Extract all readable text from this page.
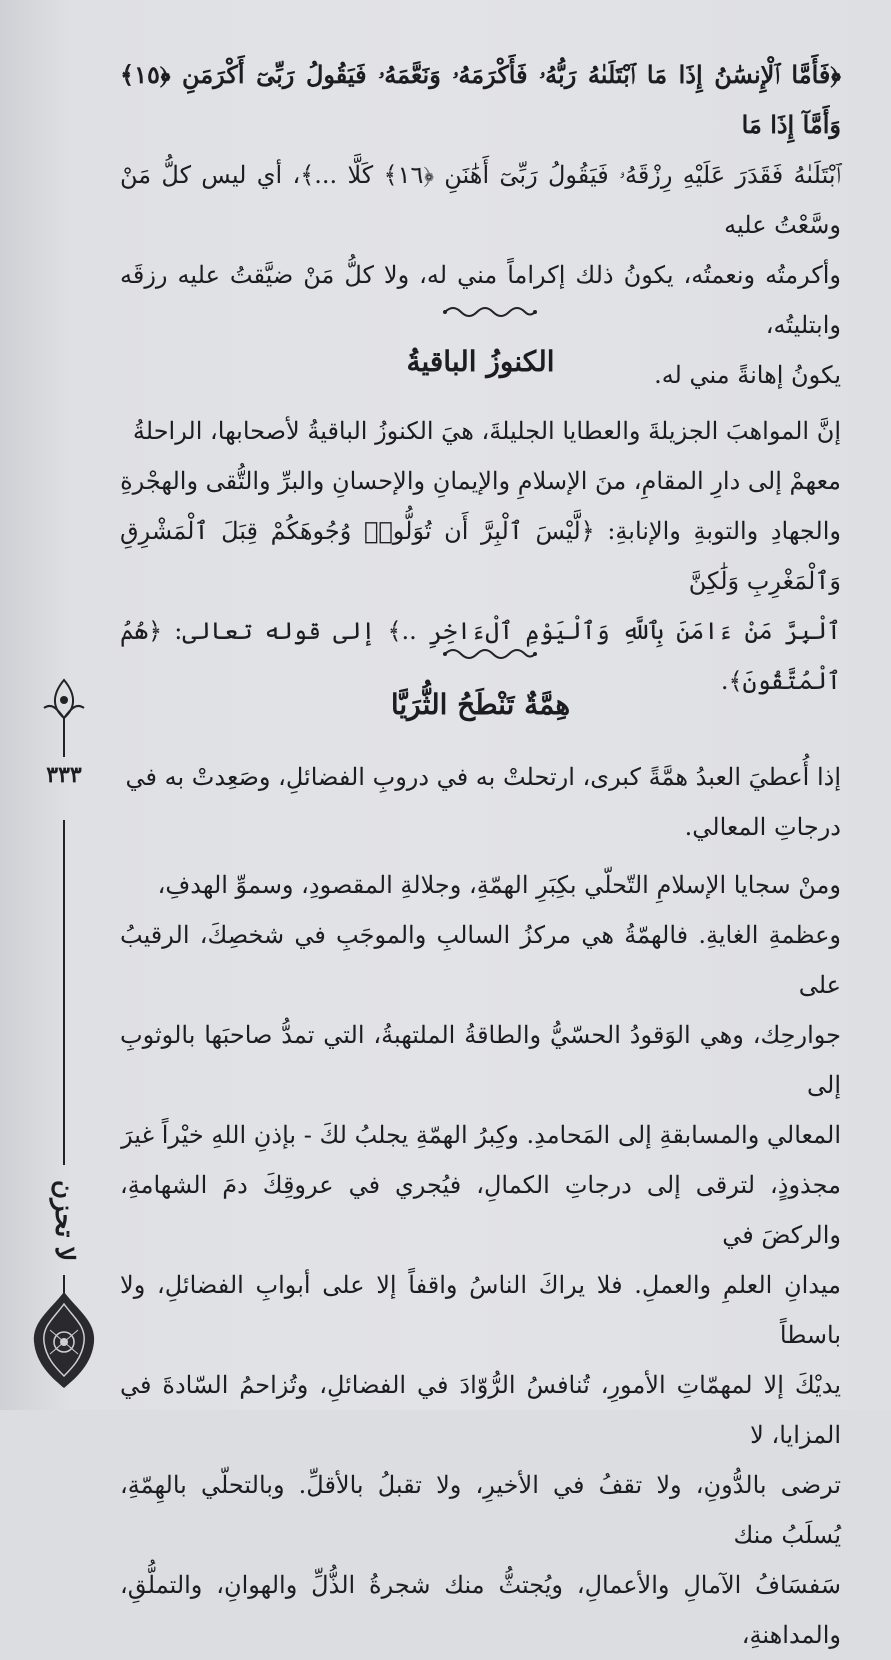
﴿فَأَمَّا ٱلْإِنسَٰنُ إِذَا مَا ٱبْتَلَىٰهُ رَبُّهُۥ فَأَكْرَمَهُۥ وَنَعَّمَهُۥ فَيَقُولُ رَبِّىٓ أَكْرَمَنِ ﴿١٥﴾ وَأَمَّآ إِذَا مَا

ٱبْتَلَىٰهُ فَقَدَرَ عَلَيْهِ رِزْقَهُۥ فَيَقُولُ رَبِّىٓ أَهَٰنَنِ ﴿١٦﴾ كَلَّا ...﴾، أي ليس كلُّ مَنْ وسَّعْتُ عليه

وأكرمتُه ونعمتُه، يكونُ ذلك إكراماً مني له، ولا كلُّ مَنْ ضيَّقتُ عليه رزقَه وابتليتُه،

يكونُ إهانةً مني له.

الكنوزُ الباقيةُ

إنَّ المواهبَ الجزيلةَ والعطايا الجليلةَ، هيَ الكنوزُ الباقيةُ لأصحابها، الراحلةُ

معهمْ إلى دارِ المقامِ، منَ الإسلامِ والإيمانِ والإحسانِ والبرِّ والتُّقى والهجْرةِ

والجهادِ والتوبةِ والإنابةِ: ﴿لَّيْسَ ٱلْبِرَّ أَن تُوَلُّوا۟ وُجُوهَكُمْ قِبَلَ ٱلْمَشْرِقِ وَٱلْمَغْرِبِ وَلَٰكِنَّ

ٱلْبِرَّ مَنْ ءَامَنَ بِٱللَّهِ وَٱلْيَوْمِ ٱلْءَاخِرِ ..﴾ إلى قوله تعالى: ﴿هُمُ ٱلْمُتَّقُونَ﴾.

هِمَّةٌ تَنْطَحُ الثُّرَيَّا

إذا أُعطيَ العبدُ همَّةً كبرى، ارتحلتْ به في دروبِ الفضائلِ، وصَعِدتْ به في

درجاتِ المعالي.

ومنْ سجايا الإسلامِ التّحلّي بكِبَرِ الهمّةِ، وجلالةِ المقصودِ، وسموِّ الهدفِ،

وعظمةِ الغايةِ. فالهمّةُ هي مركزُ السالبِ والموجَبِ في شخصِكَ، الرقيبُ على

جوارحِك، وهي الوَقودُ الحسّيُّ والطاقةُ الملتهبةُ، التي تمدُّ صاحبَها بالوثوبِ إلى

المعالي والمسابقةِ إلى المَحامدِ. وكِبرُ الهمّةِ يجلبُ لكَ - بإذنِ اللهِ خيْراً غيرَ

مجذوذٍ، لترقى إلى درجاتِ الكمالِ، فيُجري في عروقِكَ دمَ الشهامةِ، والركضَ في

ميدانِ العلمِ والعملِ. فلا يراكَ الناسُ واقفاً إلا على أبوابِ الفضائلِ، ولا باسطاً

يديْكَ إلا لمهمّاتِ الأمورِ، تُنافسُ الرُّوّادَ في الفضائلِ، وتُزاحمُ السّادةَ في المزايا، لا

ترضى بالدُّونِ، ولا تقفُ في الأخيرِ، ولا تقبلُ بالأقلِّ. وبالتحلّي بالهِمّةِ، يُسلَبُ منك

سَفسَافُ الآمالِ والأعمالِ، ويُجتثُّ منك شجرةُ الذُّلِّ والهوانِ، والتملُّقِ، والمداهنةِ،

٣٣٣
لا تحزن
